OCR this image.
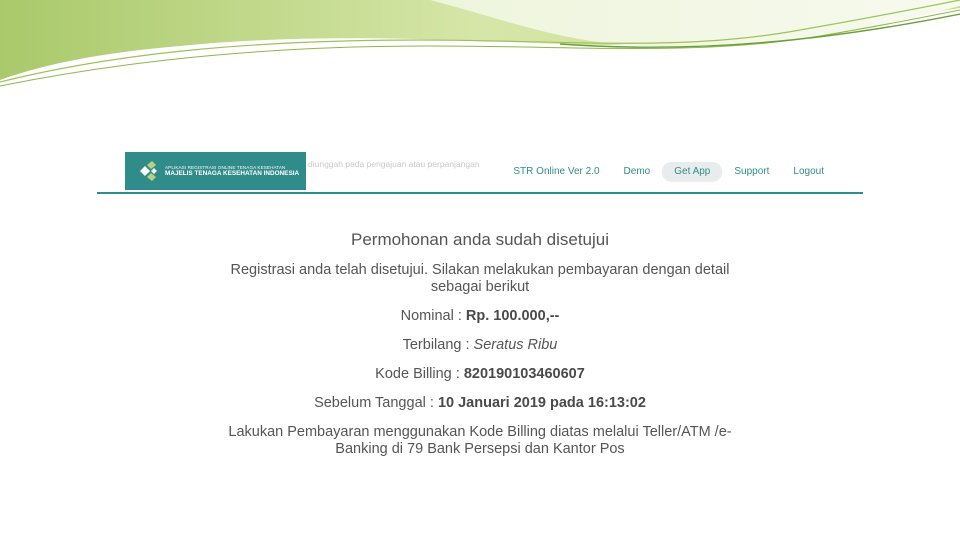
APLIKASI REGISTRASI ONLINE TENAGA KESEHATAN
MAJELIS TENAGA KESEHATAN INDONESIA
diunggah pada pengajuan atau perpanjangan
STR Online Ver 2.0	Demo	Get App	Support	Logout
Permohonan anda sudah disetujui

Registrasi anda telah disetujui. Silakan melakukan pembayaran dengan detail sebagai berikut

Nominal : Rp. 100.000,--

Terbilang : Seratus Ribu

Kode Billing : 820190103460607

Sebelum Tanggal : 10 Januari 2019 pada 16:13:02

Lakukan Pembayaran menggunakan Kode Billing diatas melalui Teller/ATM /e-Banking di 79 Bank Persepsi dan Kantor Pos
